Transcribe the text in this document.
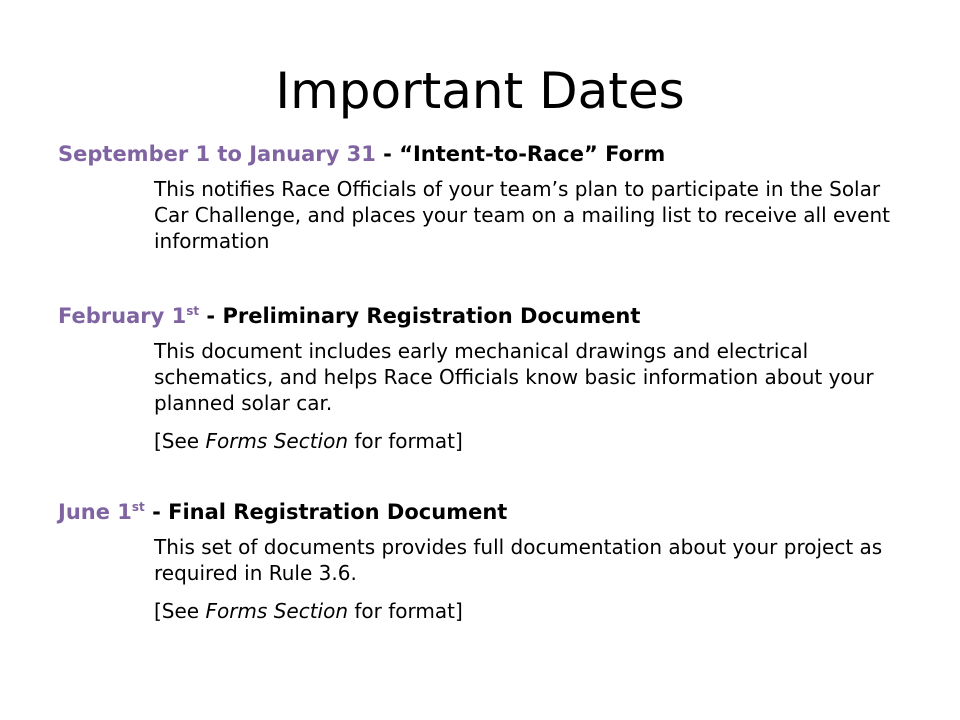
Important Dates

September 1 to January 31 - “Intent-to-Race” Form

This notifies Race Officials of your team’s plan to participate in the Solar Car Challenge, and places your team on a mailing list to receive all event information

February 1st - Preliminary Registration Document

This document includes early mechanical drawings and electrical schematics, and helps Race Officials know basic information about your planned solar car.
[See Forms Section for format]

June 1st - Final Registration Document

This set of documents provides full documentation about your project as required in Rule 3.6.
[See Forms Section for format]
